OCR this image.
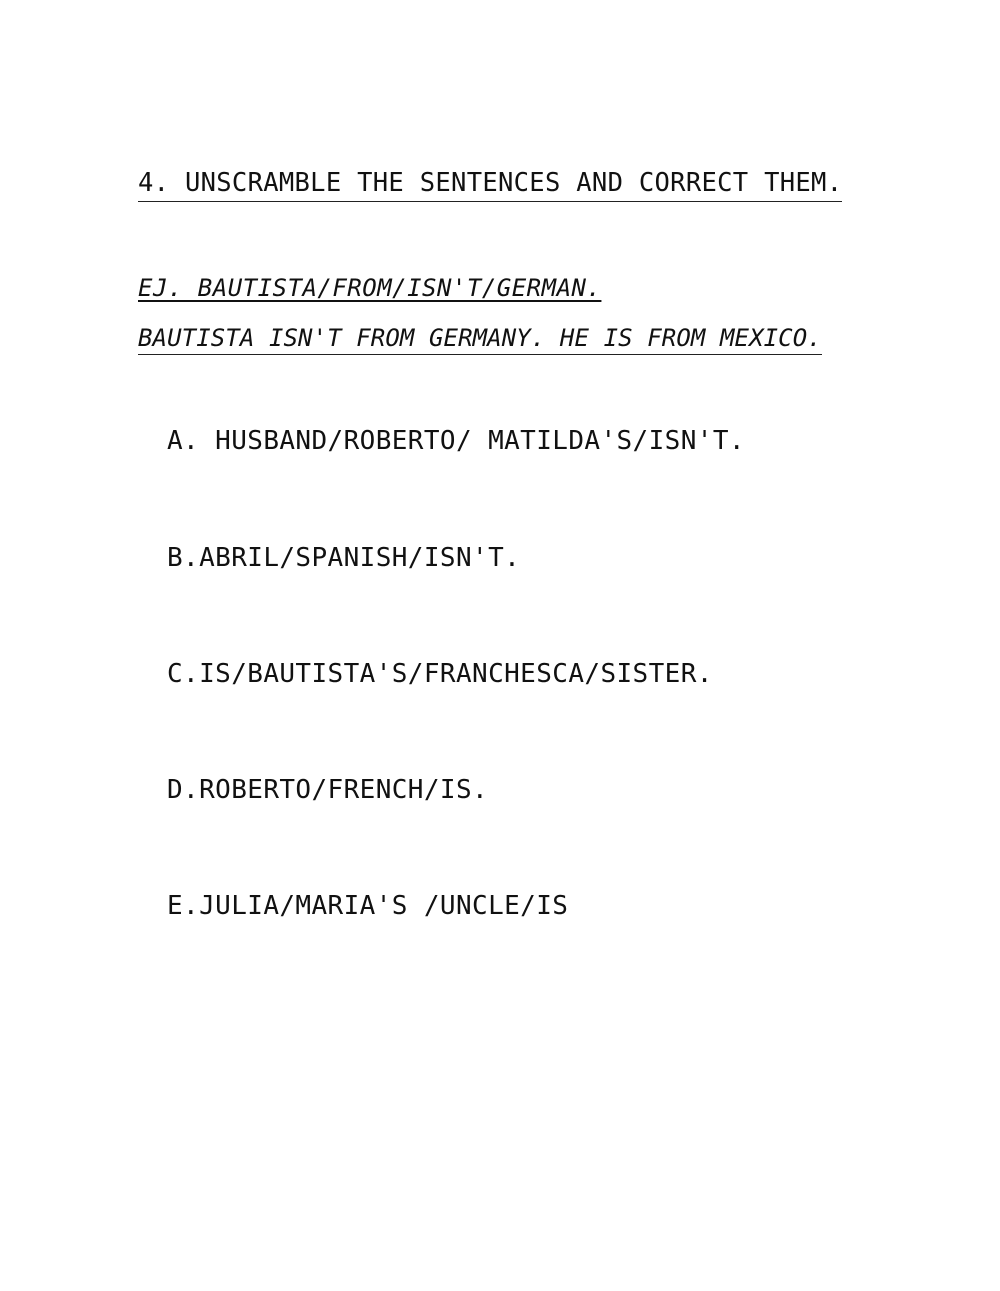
4. UNSCRAMBLE THE SENTENCES AND CORRECT THEM.
EJ. BAUTISTA/FROM/ISN'T/GERMAN.
BAUTISTA ISN'T FROM GERMANY. HE IS FROM MEXICO.
A. HUSBAND/ROBERTO/ MATILDA'S/ISN'T.
B.ABRIL/SPANISH/ISN'T.
C.IS/BAUTISTA'S/FRANCHESCA/SISTER.
D.ROBERTO/FRENCH/IS.
E.JULIA/MARIA'S /UNCLE/IS
